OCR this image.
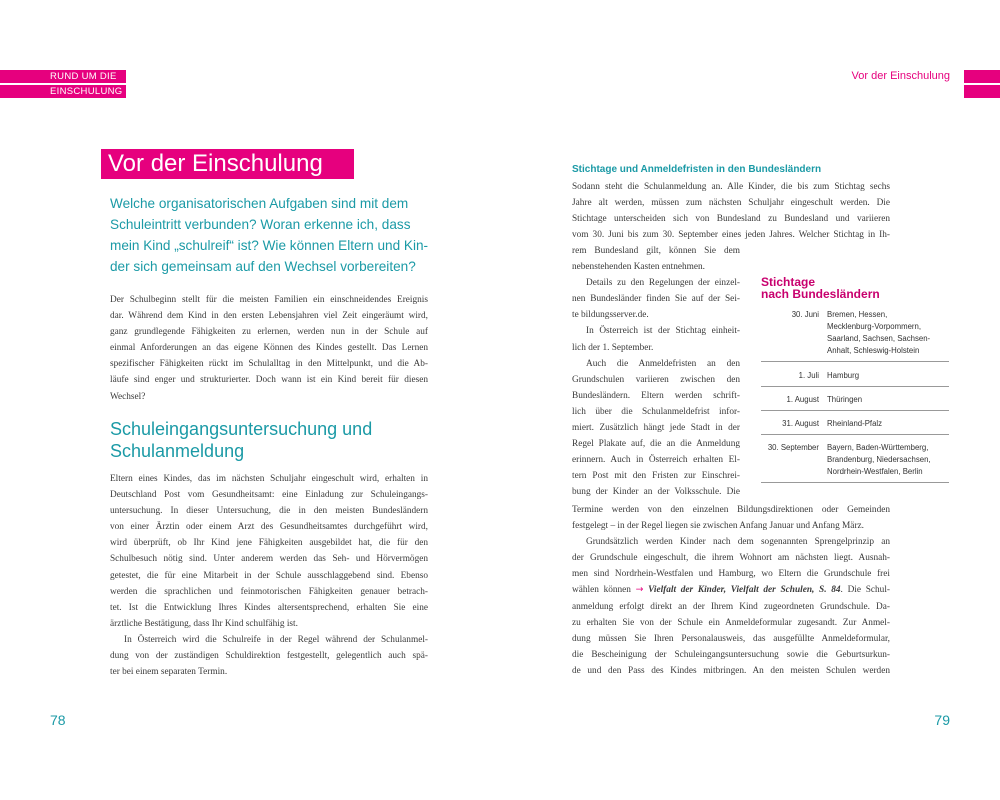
RUND UM DIE
EINSCHULUNG
Vor der Einschulung
Vor der Einschulung
Welche organisatorischen Aufgaben sind mit dem
Schuleintritt verbunden? Woran erkenne ich, dass
mein Kind „schulreif“ ist? Wie können Eltern und Kin-
der sich gemeinsam auf den Wechsel vorbereiten?
Der Schulbeginn stellt für die meisten Familien ein einschneidendes Ereignis
dar. Während dem Kind in den ersten Lebensjahren viel Zeit eingeräumt wird,
ganz grundlegende Fähigkeiten zu erlernen, werden nun in der Schule auf
einmal Anforderungen an das eigene Können des Kindes gestellt. Das Lernen
spezifischer Fähigkeiten rückt im Schulalltag in den Mittelpunkt, und die Ab-
läufe sind enger und strukturierter. Doch wann ist ein Kind bereit für diesen
Wechsel?
Schuleingangsuntersuchung und
Schulanmeldung
Eltern eines Kindes, das im nächsten Schuljahr eingeschult wird, erhalten in
Deutschland Post vom Gesundheitsamt: eine Einladung zur Schuleingangs-
untersuchung. In dieser Untersuchung, die in den meisten Bundesländern
von einer Ärztin oder einem Arzt des Gesundheitsamtes durchgeführt wird,
wird überprüft, ob Ihr Kind jene Fähigkeiten ausgebildet hat, die für den
Schulbesuch nötig sind. Unter anderem werden das Seh- und Hörvermögen
getestet, die für eine Mitarbeit in der Schule ausschlaggebend sind. Ebenso
werden die sprachlichen und feinmotorischen Fähigkeiten genauer betrach-
tet. Ist die Entwicklung Ihres Kindes altersentsprechend, erhalten Sie eine
ärztliche Bestätigung, dass Ihr Kind schulfähig ist.
In Österreich wird die Schulreife in der Regel während der Schulanmel-
dung von der zuständigen Schuldirektion festgestellt, gelegentlich auch spä-
ter bei einem separaten Termin.
78
Stichtage und Anmeldefristen in den Bundesländern
Sodann steht die Schulanmeldung an. Alle Kinder, die bis zum Stichtag sechs
Jahre alt werden, müssen zum nächsten Schuljahr eingeschult werden. Die
Stichtage unterscheiden sich von Bundesland zu Bundesland und variieren
vom 30. Juni bis zum 30. September eines jeden Jahres. Welcher Stichtag in Ih-
rem Bundesland gilt, können Sie dem
nebenstehenden Kasten entnehmen.
Details zu den Regelungen der einzel-
nen Bundesländer finden Sie auf der Sei-
te bildungsserver.de.
In Österreich ist der Stichtag einheit-
lich der 1. September.
Auch die Anmeldefristen an den
Grundschulen variieren zwischen den
Bundesländern. Eltern werden schrift-
lich über die Schulanmeldefrist infor-
miert. Zusätzlich hängt jede Stadt in der
Regel Plakate auf, die an die Anmeldung
erinnern. Auch in Österreich erhalten El-
tern Post mit den Fristen zur Einschrei-
bung der Kinder an der Volksschule. Die
Termine werden von den einzelnen Bildungsdirektionen oder Gemeinden
festgelegt – in der Regel liegen sie zwischen Anfang Januar und Anfang März.
Grundsätzlich werden Kinder nach dem sogenannten Sprengelprinzip an
der Grundschule eingeschult, die ihrem Wohnort am nächsten liegt. Ausnah-
men sind Nordrhein-Westfalen und Hamburg, wo Eltern die Grundschule frei
wählen können → Vielfalt der Kinder, Vielfalt der Schulen, S. 84. Die Schul-
anmeldung erfolgt direkt an der Ihrem Kind zugeordneten Grundschule. Da-
zu erhalten Sie von der Schule ein Anmeldeformular zugesandt. Zur Anmel-
dung müssen Sie Ihren Personalausweis, das ausgefüllte Anmeldeformular,
die Bescheinigung der Schuleingangsuntersuchung sowie die Geburtsurkun-
de und den Pass des Kindes mitbringen. An den meisten Schulen werden
Stichtage
nach Bundesländern
30. Juni Bremen, Hessen,
Mecklenburg-Vorpommern,
Saarland, Sachsen, Sachsen-
Anhalt, Schleswig-Holstein
1. Juli Hamburg
1. August Thüringen
31. August Rheinland-Pfalz
30. September Bayern, Baden-Württemberg,
Brandenburg, Niedersachsen,
Nordrhein-Westfalen, Berlin
79
